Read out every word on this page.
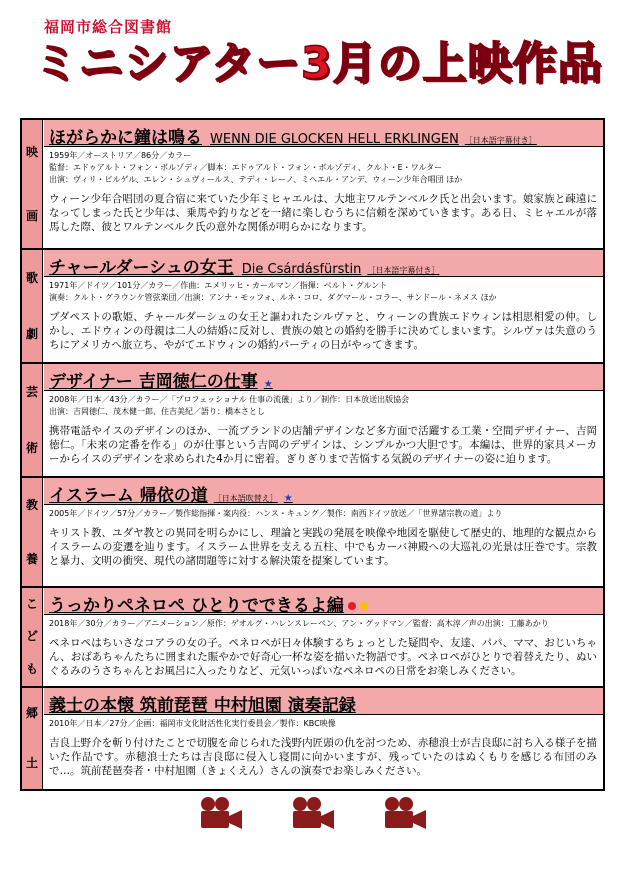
福岡市総合図書館
ミニシアター3月の上映作品
映
画
歌
劇
芸
術
教
養
こ
ど
も
郷
土
ほがらかに鐘は鳴る WENN DIE GLOCKEN HELL ERKLINGEN ［日本語字幕付き］
1959年／オーストリア／86分／カラー
監督：エドゥアルト・フォン・ボルゾディ／脚本：エドゥアルト・フォン・ボルゾディ、クルト・E・ワルター
出演：ヴィリ・ビルゲル、エレン・シュヴィールス、テディ・レーノ、ミヘエル・アンデ、ウィーン少年合唱団 ほか
ウィーン少年合唱団の夏合宿に来ていた少年ミヒャエルは、大地主ワルテンベルク氏と出会います。娘家族と疎遠になってしまった氏と少年は、乗馬や釣りなどを一緒に楽しむうちに信頼を深めていきます。ある日、ミヒャエルが落馬した際、彼とワルテンベルク氏の意外な関係が明らかになります。
チャールダーシュの女王 Die Csárdásfürstin ［日本語字幕付き］
1971年／ドイツ／101分／カラー／作曲：エメリッヒ・カールマン／指揮：ベルト・グルント
演奏：クルト・グラウンケ管弦楽団／出演：アンナ・モッフォ、ルネ・コロ、ダグマール・コラー、サンドール・ネメス ほか
ブダペストの歌姫、チャールダーシュの女王と謳われたシルヴァと、ウィーンの貴族エドウィンは相思相愛の仲。しかし、エドウィンの母親は二人の結婚に反対し、貴族の娘との婚約を勝手に決めてしまいます。シルヴァは失意のうちにアメリカへ旅立ち、やがてエドウィンの婚約パーティの日がやってきます。
デザイナー 吉岡徳仁の仕事 ★
2008年／日本／43分／カラー／「プロフェッショナル 仕事の流儀」より／制作：日本放送出版協会
出演：吉岡徳仁、茂木健一郎、住吉美紀／語り：橋本さとし
携帯電話やイスのデザインのほか、一流ブランドの店舗デザインなど多方面で活躍する工業・空間デザイナー、吉岡徳仁。「未来の定番を作る」のが仕事という吉岡のデザインは、シンプルかつ大胆です。本編は、世界的家具メーカーからイスのデザインを求められた4か月に密着。ぎりぎりまで苦悩する気鋭のデザイナーの姿に迫ります。
イスラーム 帰依の道 ［日本語吹替え］ ★
2005年／ドイツ／57分／カラー／製作総指揮・案内役：ハンス・キュング／製作：南西ドイツ放送／「世界諸宗教の道」より
キリスト教、ユダヤ教との異同を明らかにし、理論と実践の発展を映像や地図を駆使して歴史的、地理的な観点からイスラームの変遷を辿ります。イスラーム世界を支える五柱、中でもカーバ神殿への大巡礼の光景は圧巻です。宗教と暴力、文明の衝突、現代の諸問題等に対する解決策を提案しています。
うっかりペネロペ ひとりでできるよ編
2018年／30分／カラー／アニメーション／原作：ゲオルグ・ハレンスレーベン、アン・グッドマン／監督：高木淳／声の出演：工藤あかり
ペネロペはちいさなコアラの女の子。ペネロペが日々体験するちょっとした疑問や、友達、パパ、ママ、おじいちゃん、おばあちゃんたちに囲まれた賑やかで好奇心一杯な姿を描いた物語です。ペネロペがひとりで着替えたり、ぬいぐるみのうさちゃんとお風呂に入ったりなど、元気いっぱいなペネロペの日常をお楽しみください。
義士の本懐 筑前琵琶 中村旭園 演奏記録
2010年／日本／27分／企画：福岡市文化財活性化実行委員会／製作：KBC映像
吉良上野介を斬り付けたことで切腹を命じられた浅野内匠頭の仇を討つため、赤穂浪士が吉良邸に討ち入る様子を描いた作品です。赤穂浪士たちは吉良邸に侵入し寝間に向かいますが、残っていたのはぬくもりを感じる布団のみで…。筑前琵琶奏者・中村旭園（きょくえん）さんの演奏でお楽しみください。
